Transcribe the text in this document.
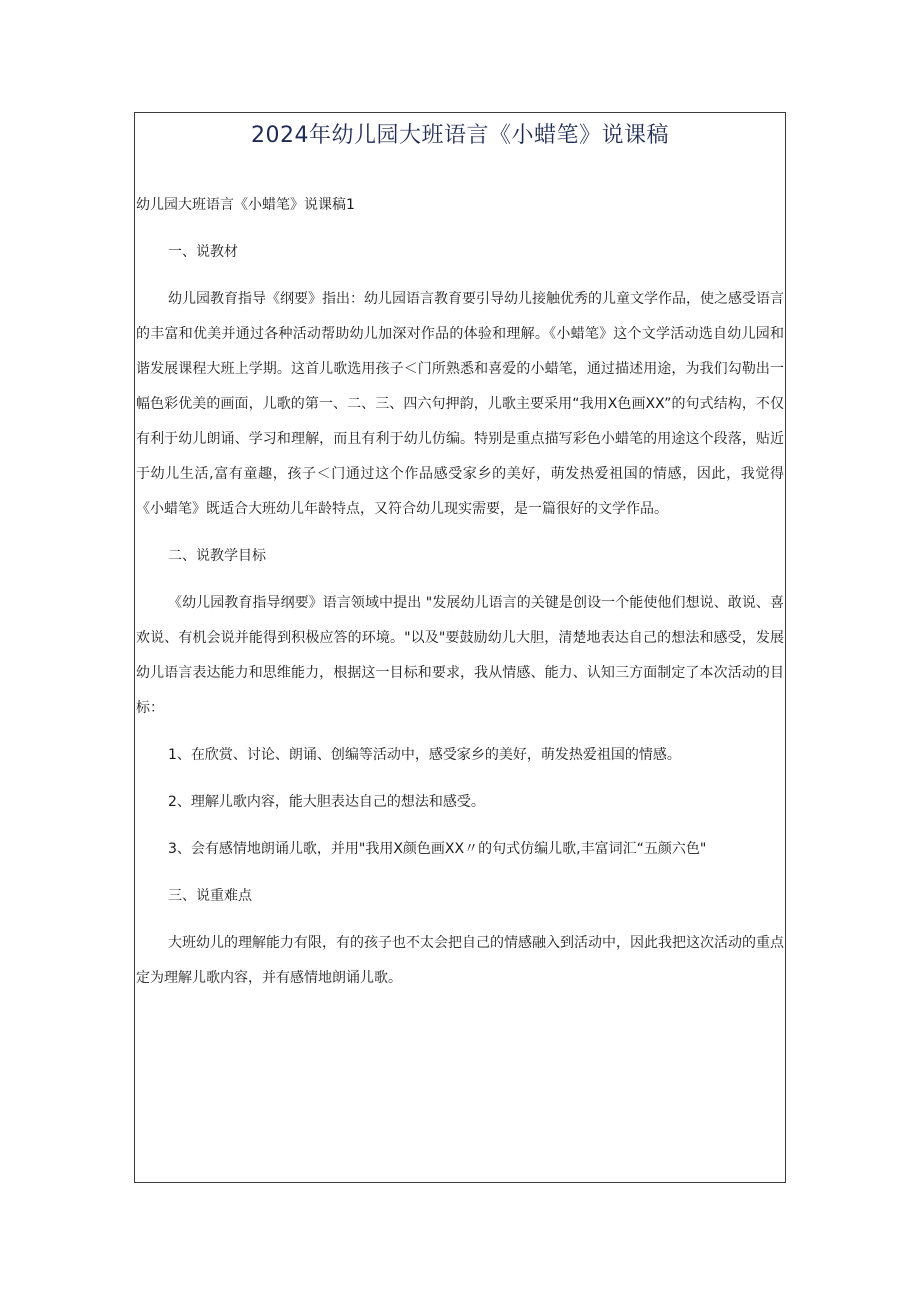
2024年幼儿园大班语言《小蜡笔》说课稿

幼儿园大班语言《小蜡笔》说课稿1

一、说教材

幼儿园教育指导《纲要》指出：幼儿园语言教育要引导幼儿接触优秀的儿童文学作品，使之感受语言的丰富和优美并通过各种活动帮助幼儿加深对作品的体验和理解。《小蜡笔》这个文学活动选自幼儿园和谐发展课程大班上学期。这首儿歌选用孩子＜门所熟悉和喜爱的小蜡笔，通过描述用途，为我们勾勒出一幅色彩优美的画面，儿歌的第一、二、三、四六句押韵，儿歌主要采用“我用X色画XX”的句式结构，不仅有利于幼儿朗诵、学习和理解，而且有利于幼儿仿编。特别是重点描写彩色小蜡笔的用途这个段落，贴近于幼儿生活,富有童趣，孩子＜门通过这个作品感受家乡的美好，萌发热爱祖国的情感，因此，我觉得《小蜡笔》既适合大班幼儿年龄特点，又符合幼儿现实需要，是一篇很好的文学作品。

二、说教学目标

《幼儿园教育指导纲要》语言领域中提出 "发展幼儿语言的关键是创设一个能使他们想说、敢说、喜欢说、有机会说并能得到积极应答的环境。"以及"要鼓励幼儿大胆，清楚地表达自己的想法和感受，发展幼儿语言表达能力和思维能力，根据这一目标和要求，我从情感、能力、认知三方面制定了本次活动的目标：

1、在欣赏、讨论、朗诵、创编等活动中，感受家乡的美好，萌发热爱祖国的情感。

2、理解儿歌内容，能大胆表达自己的想法和感受。

3、会有感情地朗诵儿歌，并用"我用X颜色画XX〃的句式仿编儿歌,丰富词汇“五颜六色"

三、说重难点

大班幼儿的理解能力有限，有的孩子也不太会把自己的情感融入到活动中，因此我把这次活动的重点定为理解儿歌内容，并有感情地朗诵儿歌。
